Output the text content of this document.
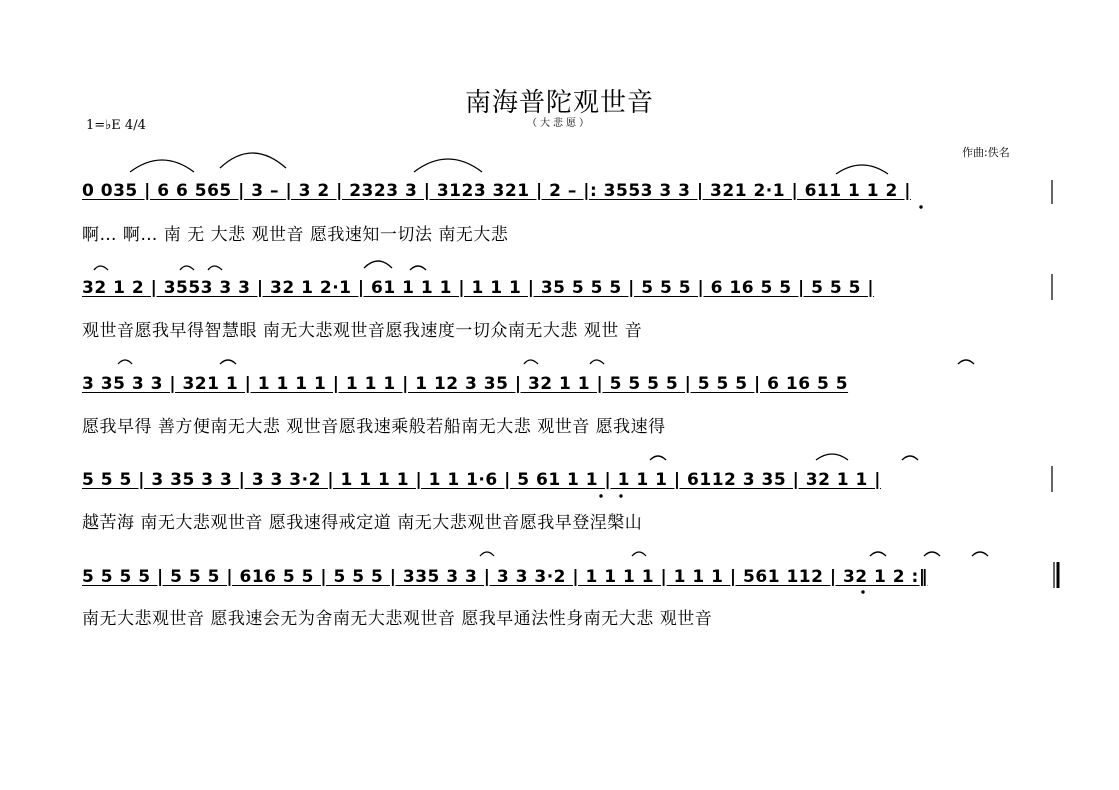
南海普陀观世音
（大悲愿）
1=♭E 4/4
作曲:佚名
0 035 | 6 6 565 | 3 – | 3 2 | 2323 3 | 3123 321 | 2 – |: 3553 3 3 | 321 2·1 | 611 1 1 2 |
啊… 啊… 南 无 大悲 观世音 愿我速知一切法 南无大悲
32 1 2 | 3553 3 3 | 32 1 2·1 | 61 1 1 1 | 1 1 1 | 35 5 5 5 | 5 5 5 | 6 16 5 5 | 5 5 5 |
观世音愿我早得智慧眼 南无大悲观世音愿我速度一切众南无大悲 观世 音
3 35 3 3 | 321 1 | 1 1 1 1 | 1 1 1 | 1 12 3 35 | 32 1 1 | 5 5 5 5 | 5 5 5 | 6 16 5 5
愿我早得 善方便南无大悲 观世音愿我速乘般若船南无大悲 观世音 愿我速得
5 5 5 | 3 35 3 3 | 3 3 3·2 | 1 1 1 1 | 1 1 1·6 | 5 61 1 1 | 1 1 1 | 6112 3 35 | 32 1 1 |
越苦海 南无大悲观世音 愿我速得戒定道 南无大悲观世音愿我早登涅槃山
5 5 5 5 | 5 5 5 | 616 5 5 | 5 5 5 | 335 3 3 | 3 3 3·2 | 1 1 1 1 | 1 1 1 | 561 112 | 32 1 2 :‖
南无大悲观世音 愿我速会无为舍南无大悲观世音 愿我早通法性身南无大悲 观世音
